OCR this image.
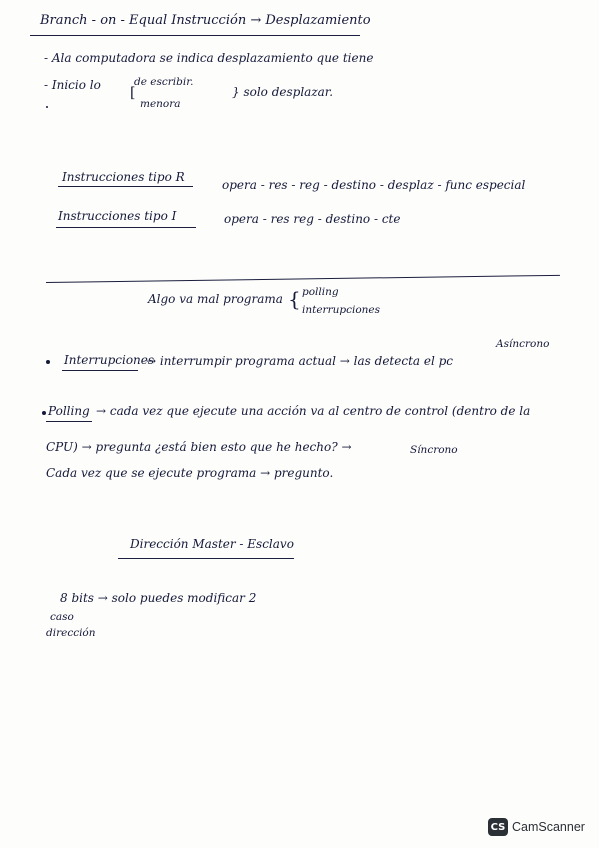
Branch - on - Equal Instrucción → Desplazamiento
- Ala computadora se indica desplazamiento que tiene
- Inicio lo	de escribir.
[
menora
} solo desplazar.
Instrucciones tipo R
opera - res - reg - destino - desplaz - func especial
Instrucciones tipo I	opera - res reg - destino - cte
Algo va mal programa { polling
interrupciones
Asíncrono
Interrupciones
→ interrumpir programa actual → las detecta el pc
Polling → cada vez que ejecute una acción va al centro de control (dentro de la
CPU) → pregunta ¿está bien esto que he hecho? →	Síncrono
Cada vez que se ejecute programa → pregunto.
Dirección Master - Esclavo
8 bits → solo puedes modificar 2
caso
dirección
CS CamScanner
